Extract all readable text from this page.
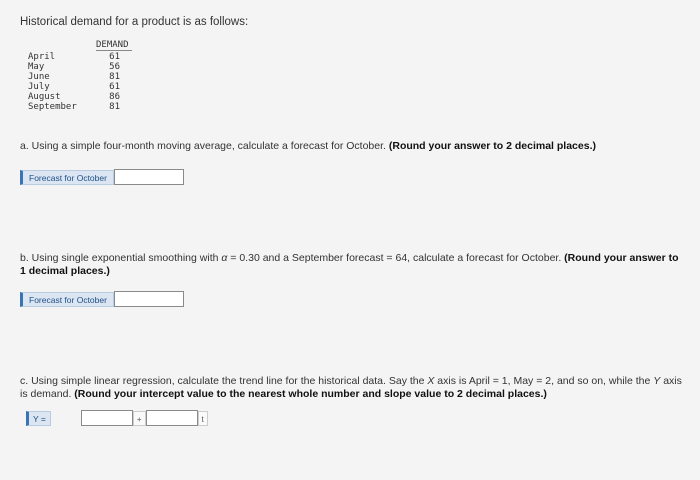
Historical demand for a product is as follows:
DEMAND
April	61
May	56
June	81
July	61
August	86
September	81
a. Using a simple four-month moving average, calculate a forecast for October. (Round your answer to 2 decimal places.)
Forecast for October
b. Using single exponential smoothing with α = 0.30 and a September forecast = 64, calculate a forecast for October. (Round your answer to 1 decimal places.)
Forecast for October
c. Using simple linear regression, calculate the trend line for the historical data. Say the X axis is April = 1, May = 2, and so on, while the Y axis is demand. (Round your intercept value to the nearest whole number and slope value to 2 decimal places.)
Y =	+	t
